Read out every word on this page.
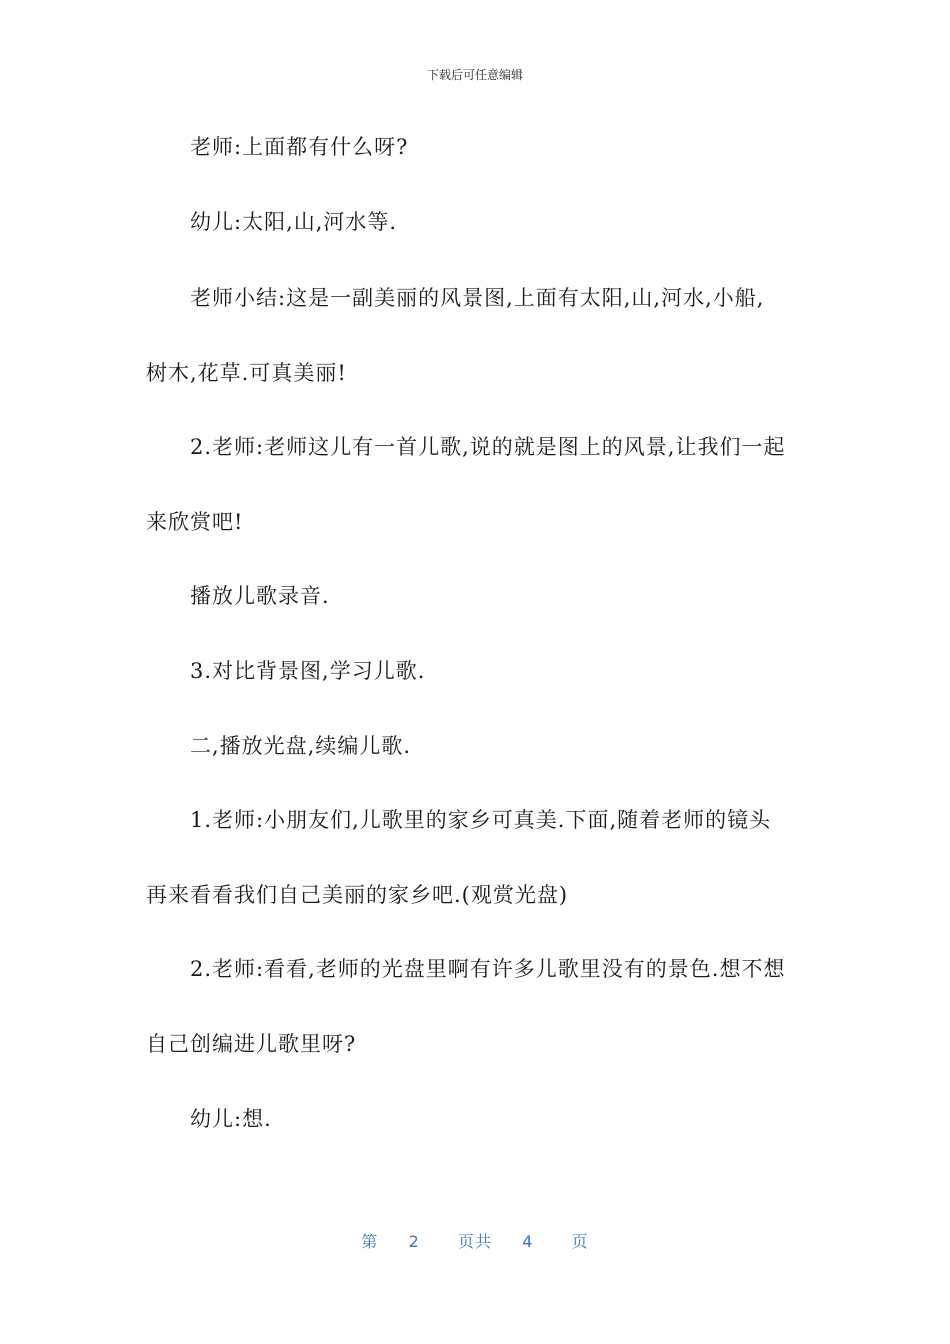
下载后可任意编辑
老师:上面都有什么呀?
幼儿:太阳,山,河水等.
老师小结:这是一副美丽的风景图,上面有太阳,山,河水,小船,
树木,花草.可真美丽!
2.老师:老师这儿有一首儿歌,说的就是图上的风景,让我们一起
来欣赏吧!
播放儿歌录音.
3.对比背景图,学习儿歌.
二,播放光盘,续编儿歌.
1.老师:小朋友们,儿歌里的家乡可真美.下面,随着老师的镜头
再来看看我们自己美丽的家乡吧.(观赏光盘)
2.老师:看看,老师的光盘里啊有许多儿歌里没有的景色.想不想
自己创编进儿歌里呀?
幼儿:想.
第 2 页共 4 页
